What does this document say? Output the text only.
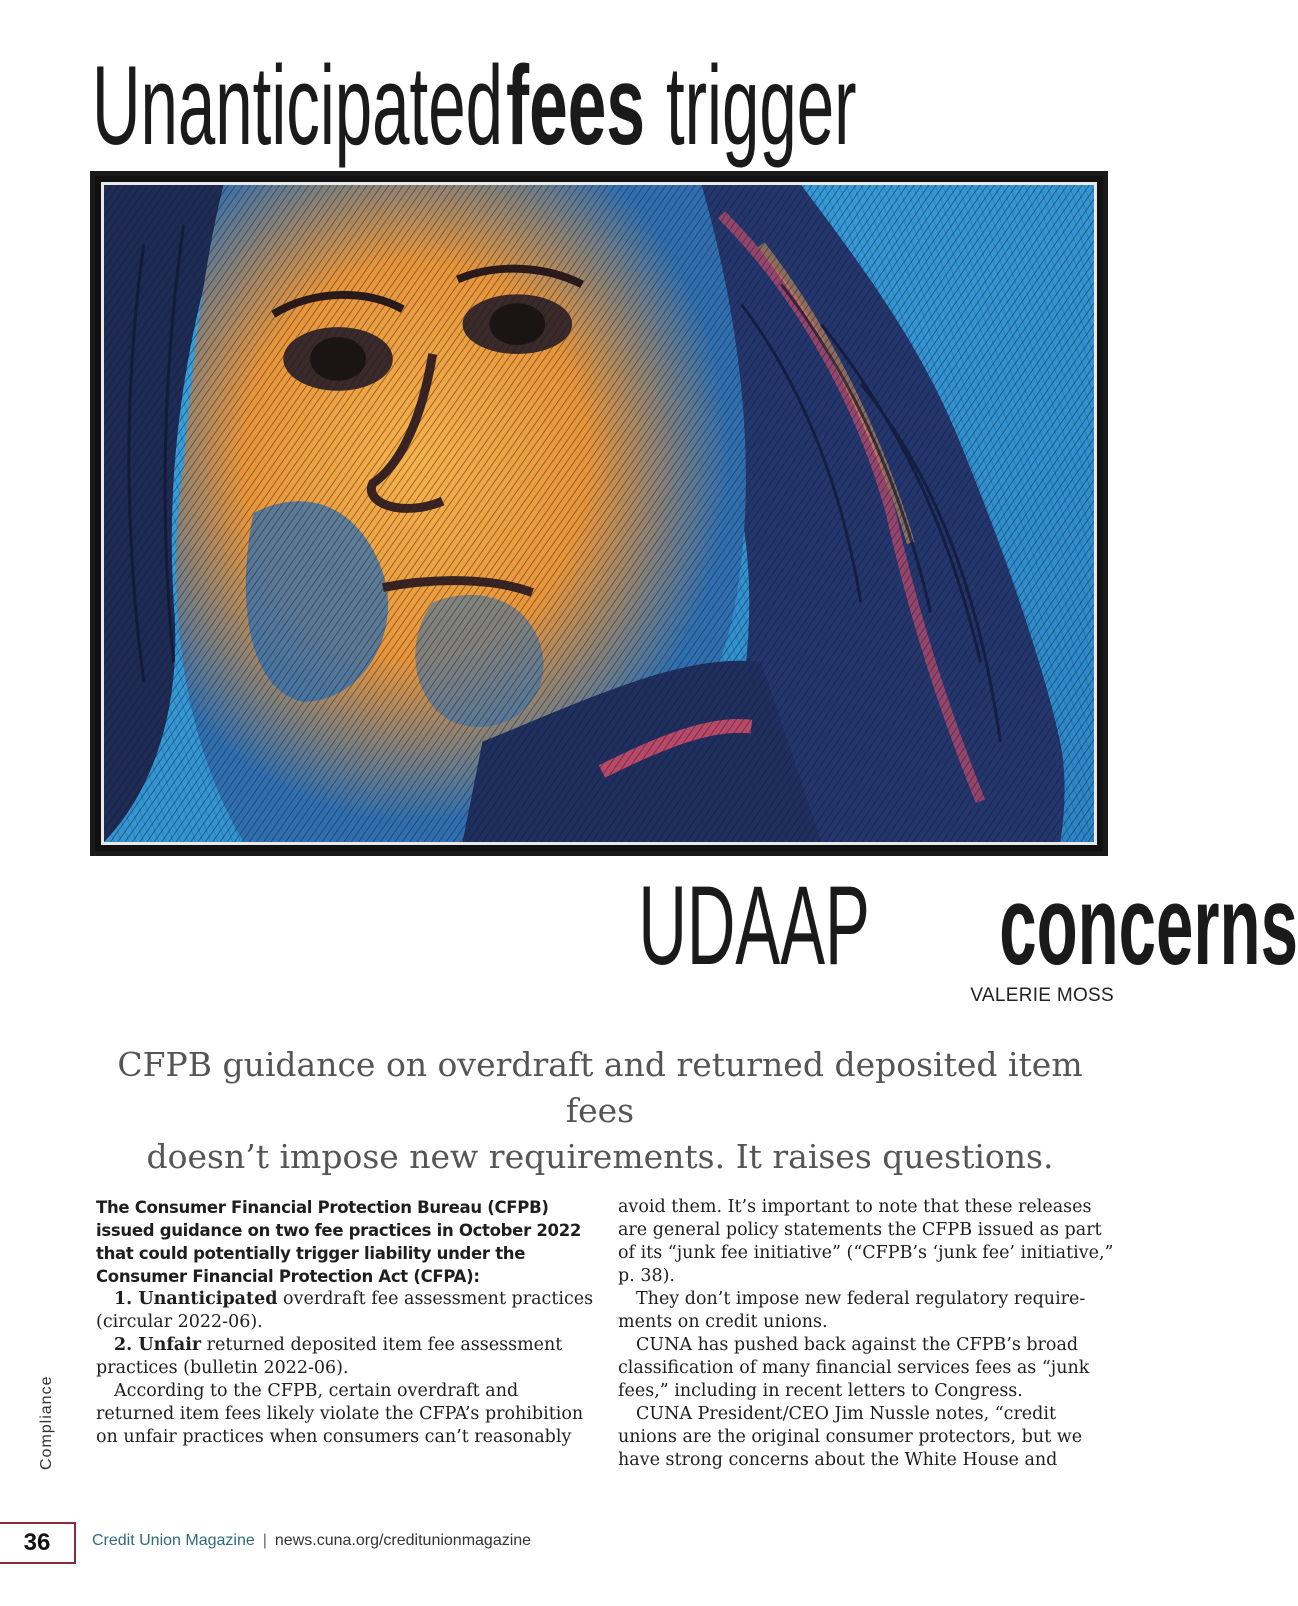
Unanticipatedfees trigger
UDAAP concerns
VALERIE MOSS
CFPB guidance on overdraft and returned deposited item fees
doesn’t impose new requirements. It raises questions.

The Consumer Financial Protection Bureau (CFPB) issued guidance on two fee practices in October 2022 that could potentially trigger liability under the Consumer Financial Protection Act (CFPA):

1. Unanticipated overdraft fee assessment practices (circular 2022-06).

2. Unfair returned deposited item fee assessment practices (bulletin 2022-06).

According to the CFPB, certain overdraft and returned item fees likely violate the CFPA’s prohibition on unfair practices when consumers can’t reasonably

avoid them. It’s important to note that these releases are general policy statements the CFPB issued as part of its “junk fee initiative” (“CFPB’s ‘junk fee’ initiative,” p. 38).

They don’t impose new federal regulatory requirements on credit unions.

CUNA has pushed back against the CFPB’s broad classification of many financial services fees as “junk fees,” including in recent letters to Congress.

CUNA President/CEO Jim Nussle notes, “credit unions are the original consumer protectors, but we have strong concerns about the White House and

Compliance
36	Credit Union Magazine | news.cuna.org/creditunionmagazine
